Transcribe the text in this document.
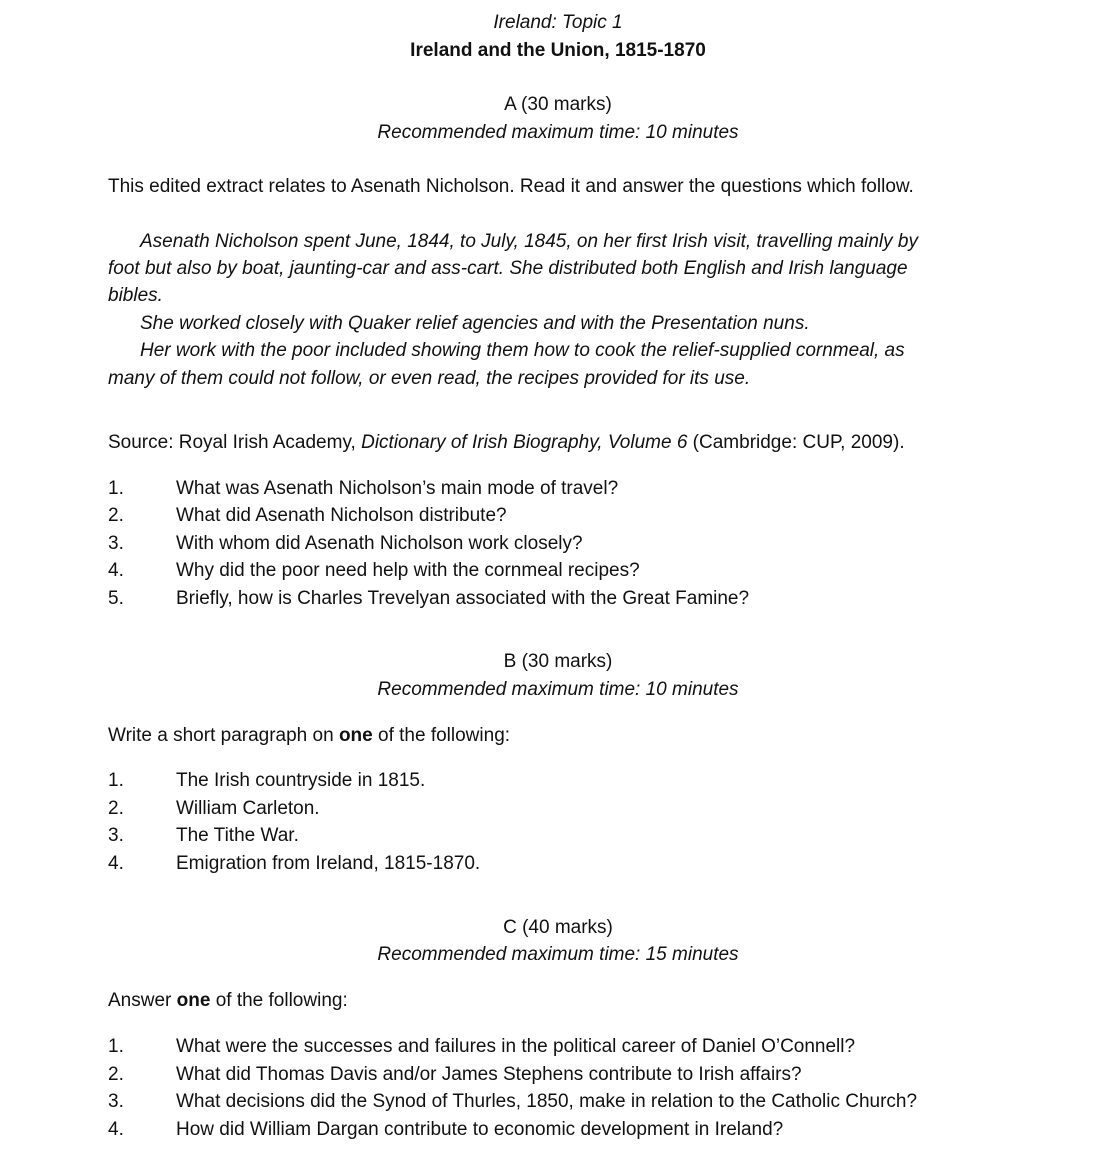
Ireland: Topic 1
Ireland and the Union, 1815-1870
A (30 marks)
Recommended maximum time: 10 minutes
This edited extract relates to Asenath Nicholson. Read it and answer the questions which follow.
Asenath Nicholson spent June, 1844, to July, 1845, on her first Irish visit, travelling mainly by
foot but also by boat, jaunting-car and ass-cart. She distributed both English and Irish language
bibles.
She worked closely with Quaker relief agencies and with the Presentation nuns.
Her work with the poor included showing them how to cook the relief-supplied cornmeal, as
many of them could not follow, or even read, the recipes provided for its use.
Source: Royal Irish Academy, Dictionary of Irish Biography, Volume 6 (Cambridge: CUP, 2009).
1.	What was Asenath Nicholson’s main mode of travel?
2.	What did Asenath Nicholson distribute?
3.	With whom did Asenath Nicholson work closely?
4.	Why did the poor need help with the cornmeal recipes?
5.	Briefly, how is Charles Trevelyan associated with the Great Famine?
B (30 marks)
Recommended maximum time: 10 minutes
Write a short paragraph on one of the following:
1.	The Irish countryside in 1815.
2.	William Carleton.
3.	The Tithe War.
4.	Emigration from Ireland, 1815-1870.
C (40 marks)
Recommended maximum time: 15 minutes
Answer one of the following:
1.	What were the successes and failures in the political career of Daniel O’Connell?
2.	What did Thomas Davis and/or James Stephens contribute to Irish affairs?
3.	What decisions did the Synod of Thurles, 1850, make in relation to the Catholic Church?
4.	How did William Dargan contribute to economic development in Ireland?
